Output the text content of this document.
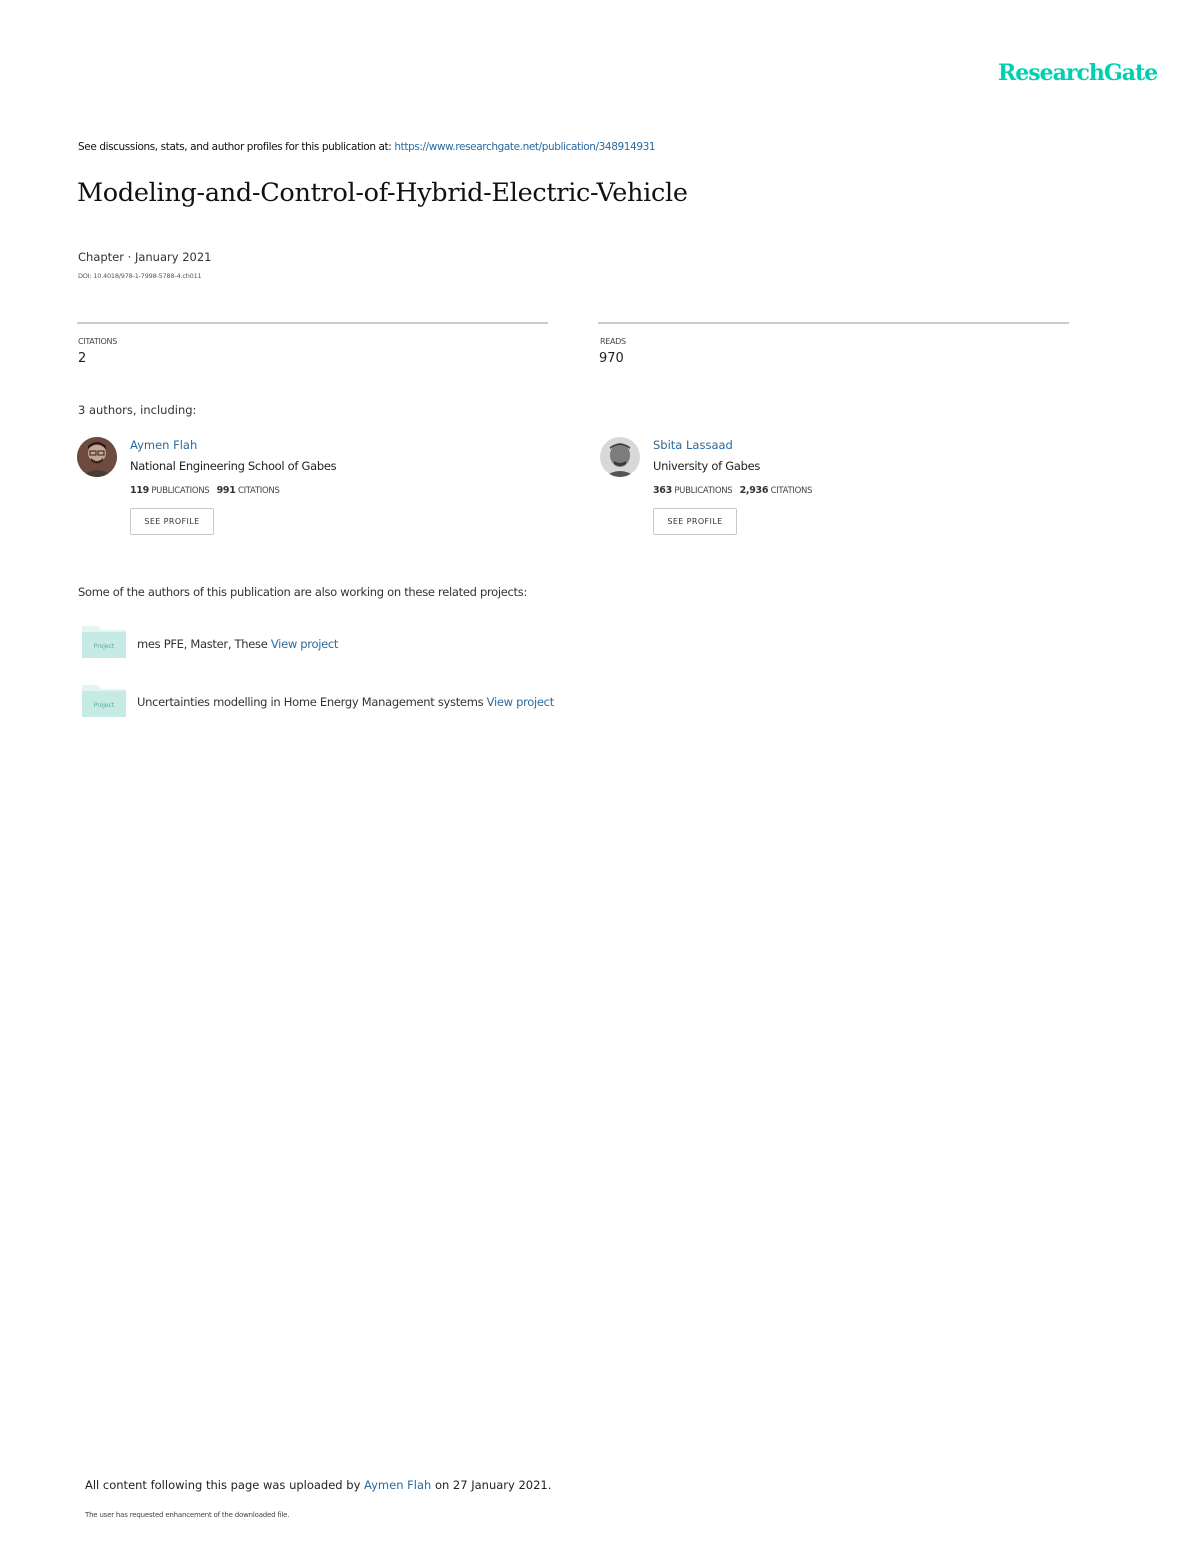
ResearchGate
See discussions, stats, and author profiles for this publication at: https://www.researchgate.net/publication/348914931
Modeling-and-Control-of-Hybrid-Electric-Vehicle
Chapter · January 2021
DOI: 10.4018/978-1-7998-5788-4.ch011
CITATIONS
2
READS
970
3 authors, including:
Aymen Flah
National Engineering School of Gabes
119 PUBLICATIONS 991 CITATIONS
SEE PROFILE
Sbita Lassaad
University of Gabes
363 PUBLICATIONS 2,936 CITATIONS
SEE PROFILE
Some of the authors of this publication are also working on these related projects:
Project mes PFE, Master, These View project
Project Uncertainties modelling in Home Energy Management systems View project
All content following this page was uploaded by Aymen Flah on 27 January 2021.
The user has requested enhancement of the downloaded file.
